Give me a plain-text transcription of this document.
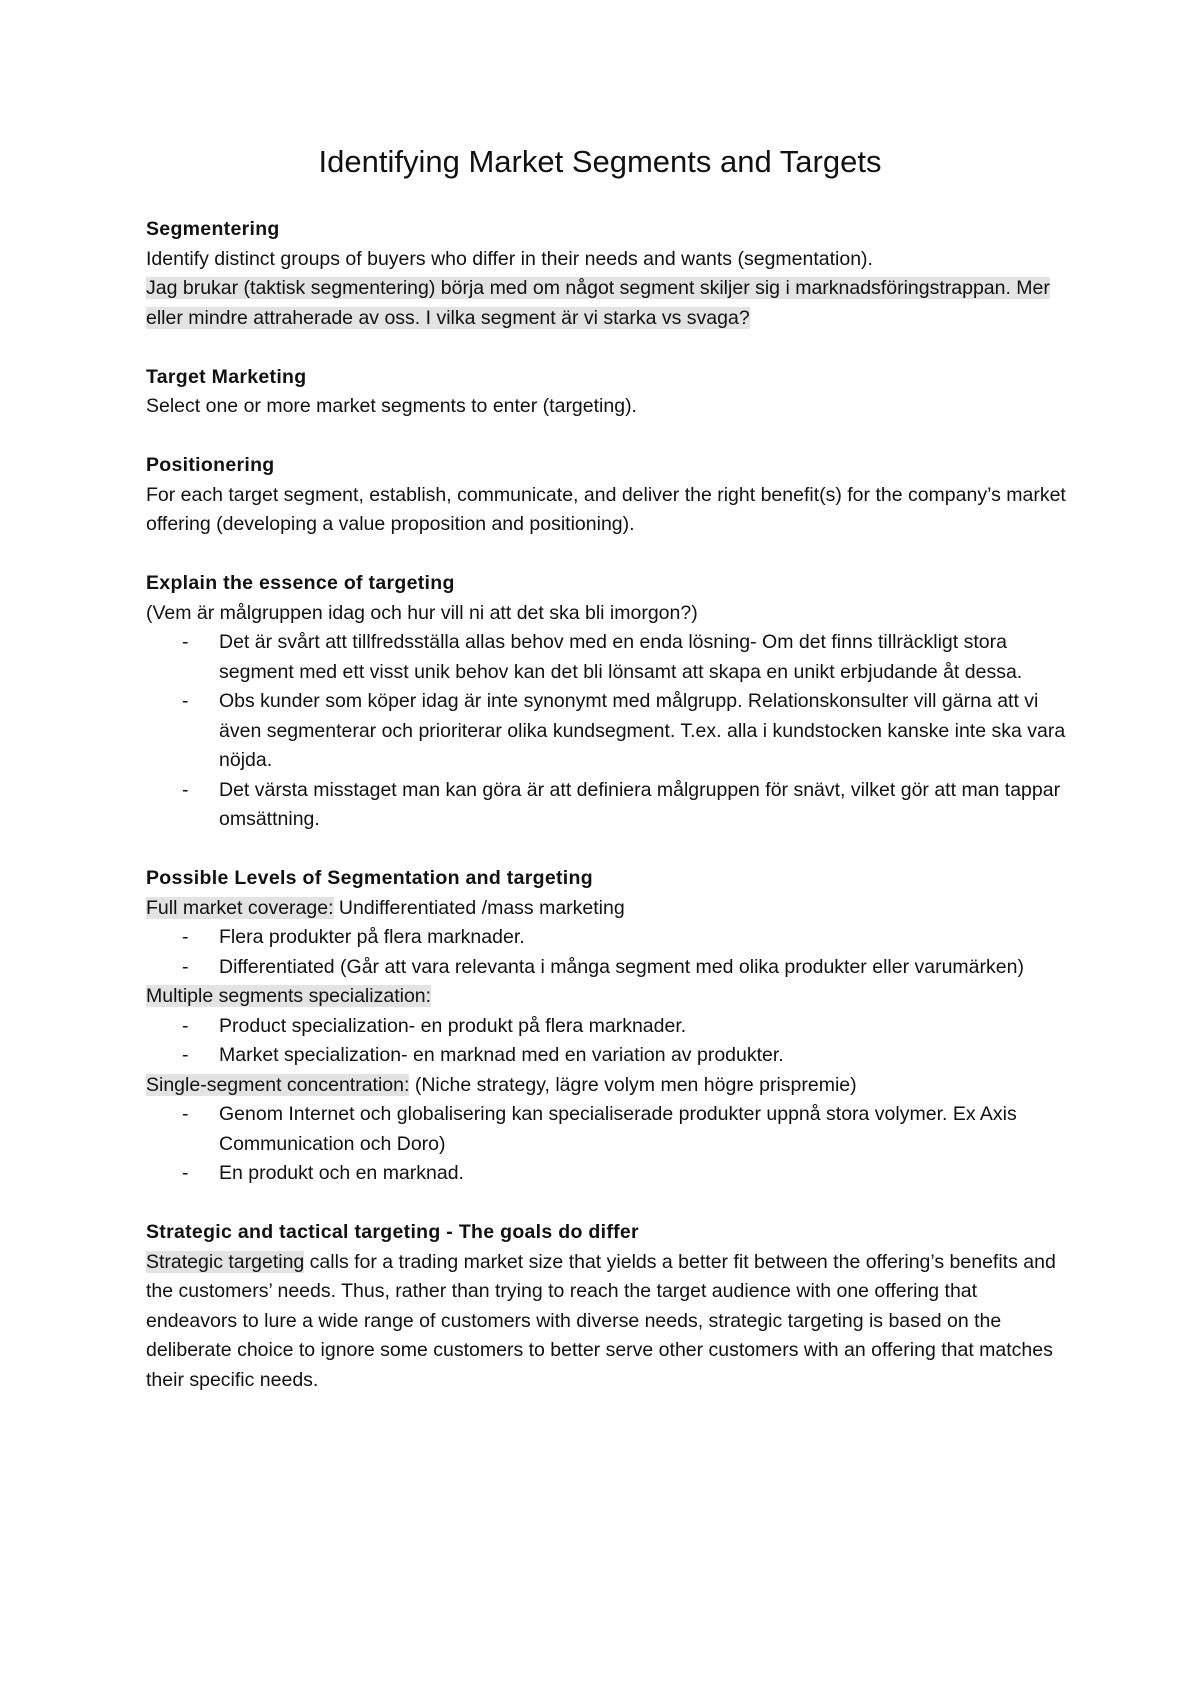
Identifying Market Segments and Targets
Segmentering

Identify distinct groups of buyers who differ in their needs and wants (segmentation).

Jag brukar (taktisk segmentering) börja med om något segment skiljer sig i marknadsföringstrappan. Mer eller mindre attraherade av oss. I vilka segment är vi starka vs svaga?

Target Marketing

Select one or more market segments to enter (targeting).

Positionering

For each target segment, establish, communicate, and deliver the right benefit(s) for the company’s market offering (developing a value proposition and positioning).

Explain the essence of targeting

(Vem är målgruppen idag och hur vill ni att det ska bli imorgon?)

- Det är svårt att tillfredsställa allas behov med en enda lösning- Om det finns tillräckligt stora segment med ett visst unik behov kan det bli lönsamt att skapa en unikt erbjudande åt dessa.
- Obs kunder som köper idag är inte synonymt med målgrupp. Relationskonsulter vill gärna att vi även segmenterar och prioriterar olika kundsegment. T.ex. alla i kundstocken kanske inte ska vara nöjda.
- Det värsta misstaget man kan göra är att definiera målgruppen för snävt, vilket gör att man tappar omsättning.
Possible Levels of Segmentation and targeting

Full market coverage: Undifferentiated /mass marketing

- Flera produkter på flera marknader.
- Differentiated (Går att vara relevanta i många segment med olika produkter eller varumärken)

Multiple segments specialization:

- Product specialization- en produkt på flera marknader.
- Market specialization- en marknad med en variation av produkter.

Single-segment concentration: (Niche strategy, lägre volym men högre prispremie)

- Genom Internet och globalisering kan specialiserade produkter uppnå stora volymer. Ex Axis Communication och Doro)
- En produkt och en marknad.
Strategic and tactical targeting - The goals do differ

Strategic targeting calls for a trading market size that yields a better fit between the offering’s benefits and the customers’ needs. Thus, rather than trying to reach the target audience with one offering that endeavors to lure a wide range of customers with diverse needs, strategic targeting is based on the deliberate choice to ignore some customers to better serve other customers with an offering that matches their specific needs.
